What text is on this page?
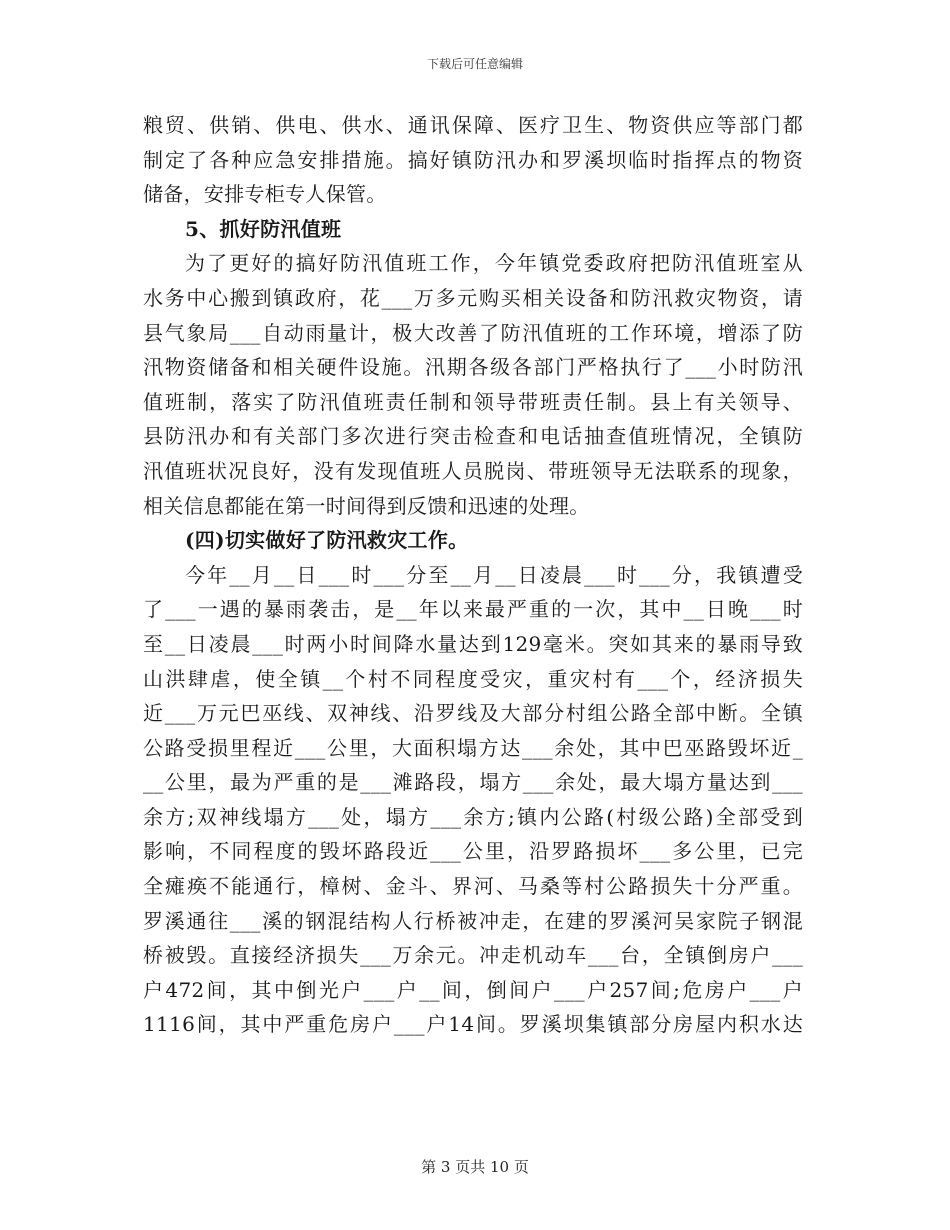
下载后可任意编辑
粮贸、供销、供电、供水、通讯保障、医疗卫生、物资供应等部门都
制定了各种应急安排措施。搞好镇防汛办和罗溪坝临时指挥点的物资
储备，安排专柜专人保管。
5、抓好防汛值班
为了更好的搞好防汛值班工作，今年镇党委政府把防汛值班室从
水务中心搬到镇政府，花___万多元购买相关设备和防汛救灾物资，请
县气象局___自动雨量计，极大改善了防汛值班的工作环境，增添了防
汛物资储备和相关硬件设施。汛期各级各部门严格执行了___小时防汛
值班制，落实了防汛值班责任制和领导带班责任制。县上有关领导、
县防汛办和有关部门多次进行突击检查和电话抽查值班情况，全镇防
汛值班状况良好，没有发现值班人员脱岗、带班领导无法联系的现象，
相关信息都能在第一时间得到反馈和迅速的处理。
(四)切实做好了防汛救灾工作。
今年__月__日___时___分至__月__日凌晨___时___分，我镇遭受
了___一遇的暴雨袭击，是__年以来最严重的一次，其中__日晚___时
至__日凌晨___时两小时间降水量达到129毫米。突如其来的暴雨导致
山洪肆虐，使全镇__个村不同程度受灾，重灾村有___个，经济损失
近___万元巴巫线、双神线、沿罗线及大部分村组公路全部中断。全镇
公路受损里程近___公里，大面积塌方达___余处，其中巴巫路毁坏近_
__公里，最为严重的是___滩路段，塌方___余处，最大塌方量达到___
余方;双神线塌方___处，塌方___余方;镇内公路(村级公路)全部受到
影响，不同程度的毁坏路段近___公里，沿罗路损坏___多公里，已完
全瘫痪不能通行，樟树、金斗、界河、马桑等村公路损失十分严重。
罗溪通往___溪的钢混结构人行桥被冲走，在建的罗溪河吴家院子钢混
桥被毁。直接经济损失___万余元。冲走机动车___台，全镇倒房户___
户472间，其中倒光户___户__间，倒间户___户257间;危房户___户
1116间，其中严重危房户___户14间。罗溪坝集镇部分房屋内积水达
第 3 页共 10 页
